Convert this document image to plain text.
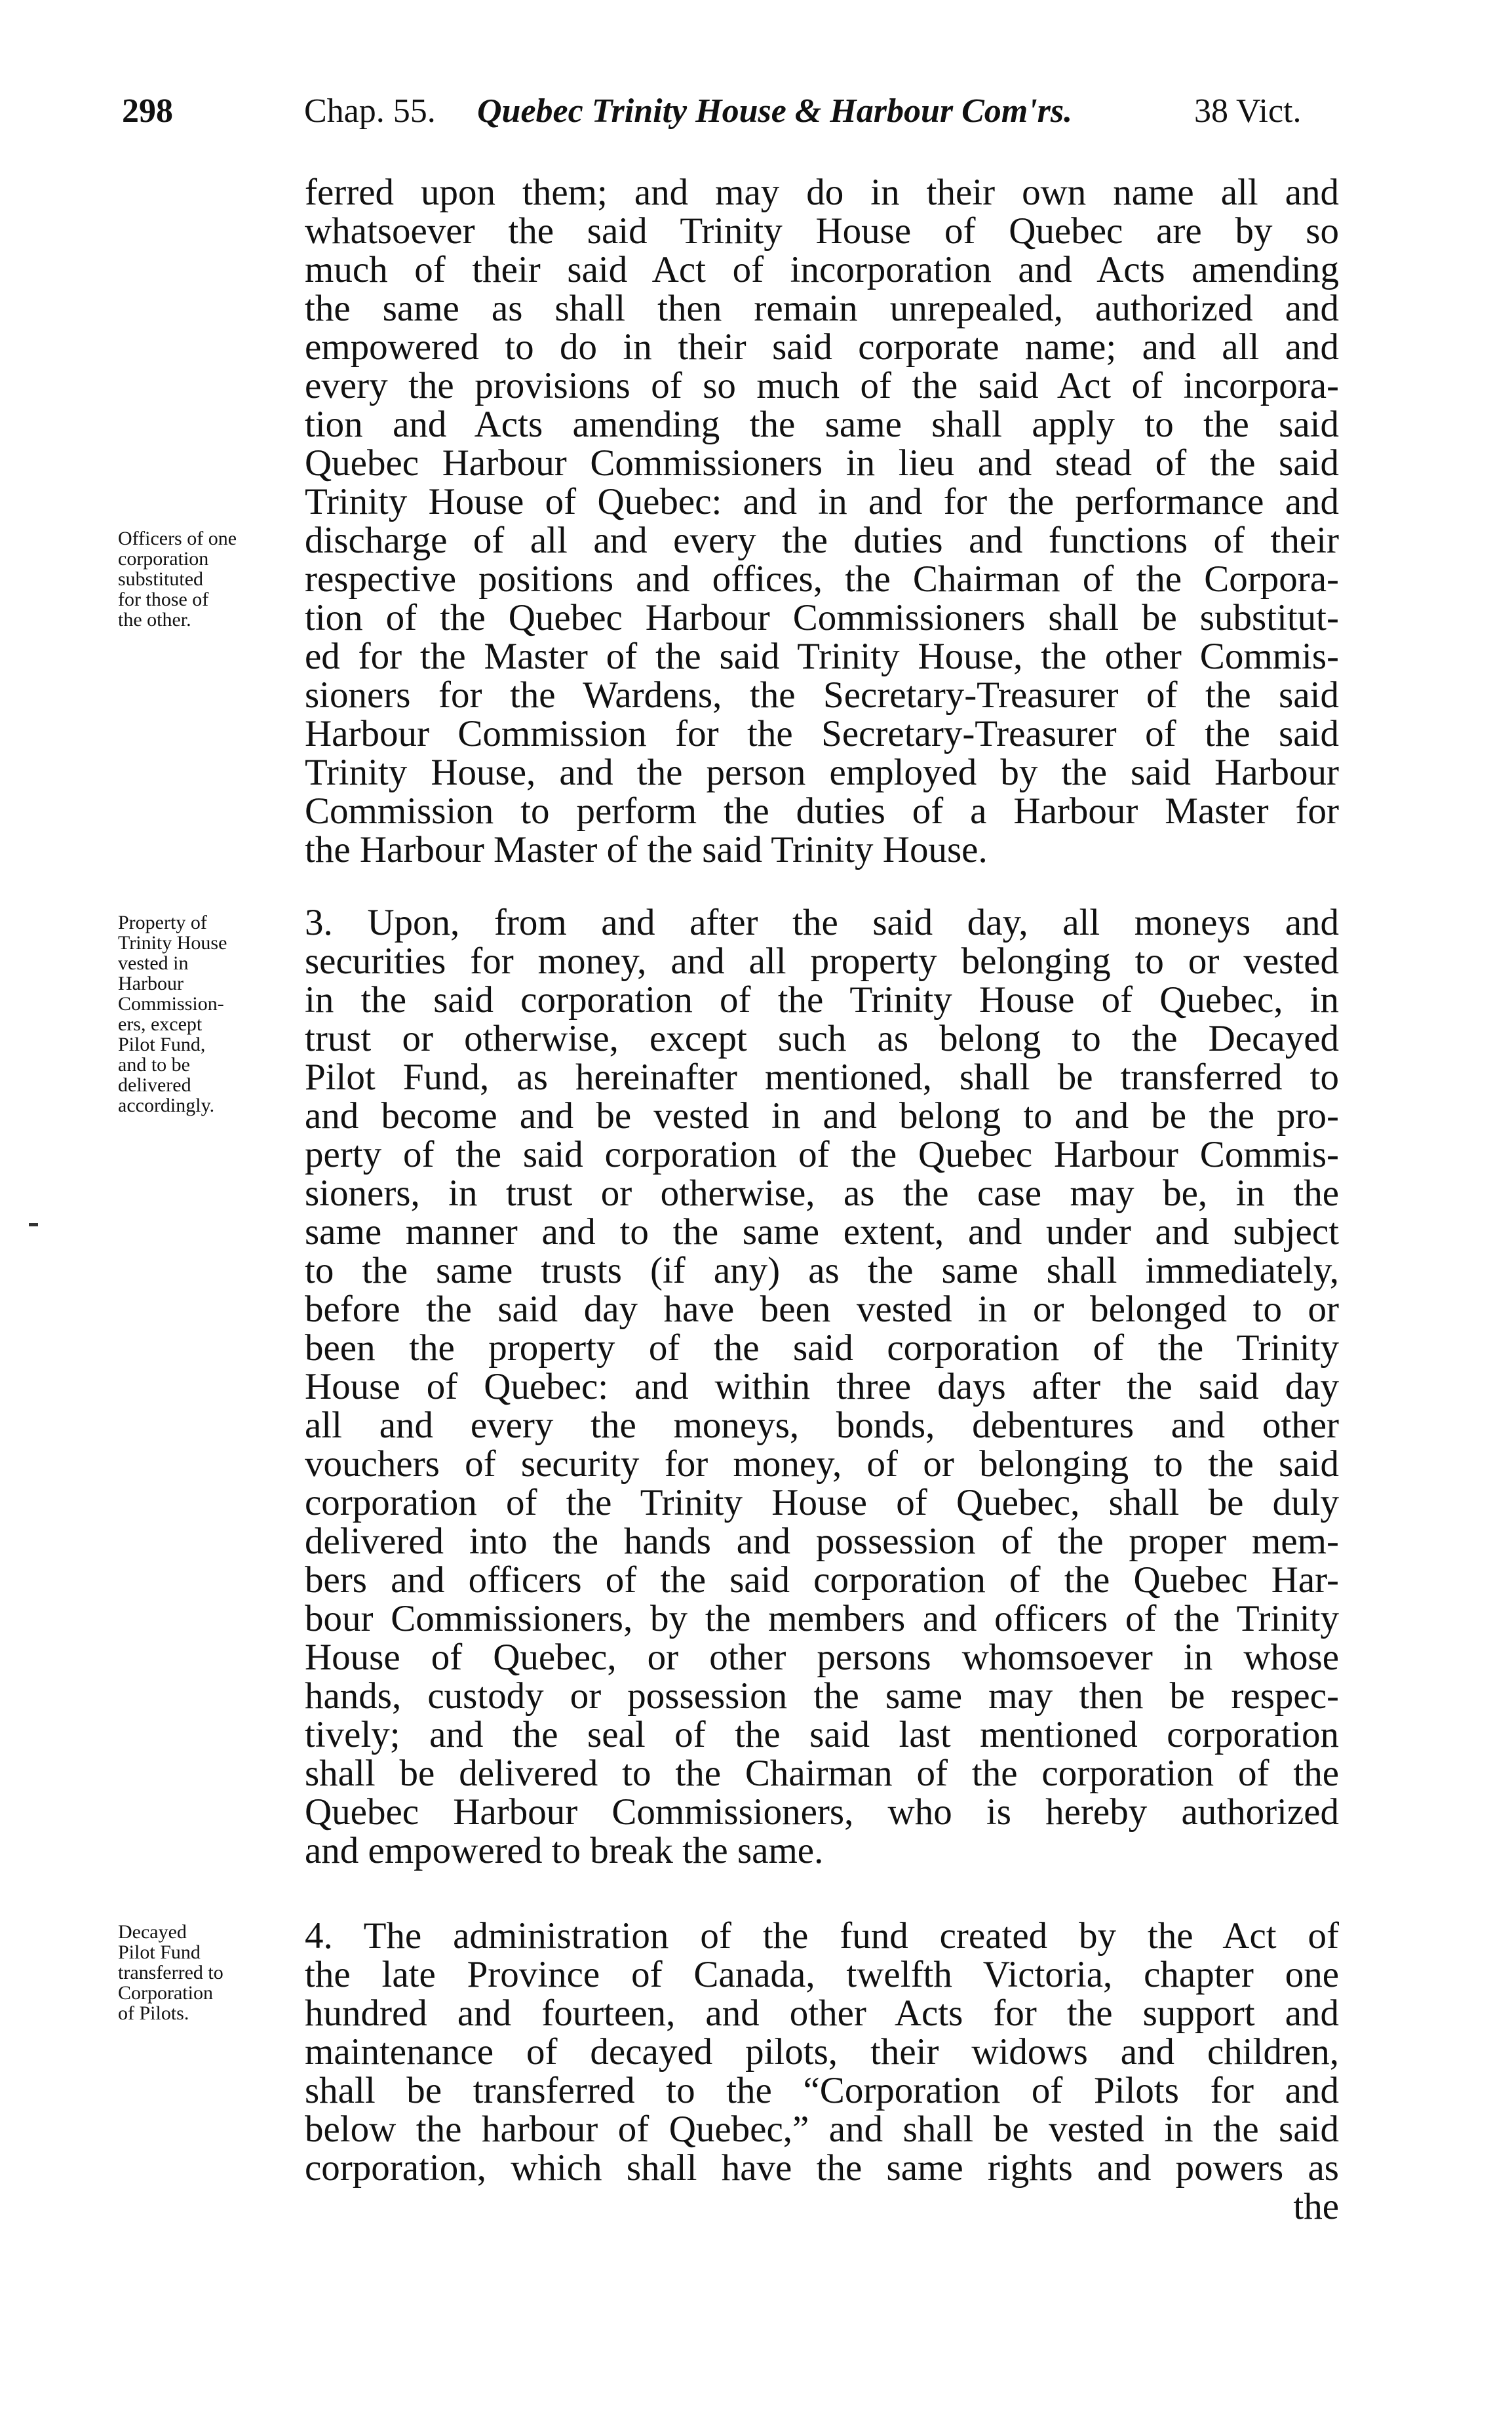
298	Chap. 55. Quebec Trinity House & Harbour Com'rs.	38 Vict.
Officers of one
corporation
substituted
for those of
the other.
Property of
Trinity House
vested in
Harbour
Commission-
ers, except
Pilot Fund,
and to be
delivered
accordingly.
Decayed
Pilot Fund
transferred to
Corporation
of Pilots.
ferred upon them; and may do in their own name all and
whatsoever the said Trinity House of Quebec are by so
much of their said Act of incorporation and Acts amending
the same as shall then remain unrepealed, authorized and
empowered to do in their said corporate name; and all and
every the provisions of so much of the said Act of incorpora-
tion and Acts amending the same shall apply to the said
Quebec Harbour Commissioners in lieu and stead of the said
Trinity House of Quebec: and in and for the performance and
discharge of all and every the duties and functions of their
respective positions and offices, the Chairman of the Corpora-
tion of the Quebec Harbour Commissioners shall be substitut-
ed for the Master of the said Trinity House, the other Commis-
sioners for the Wardens, the Secretary-Treasurer of the said
Harbour Commission for the Secretary-Treasurer of the said
Trinity House, and the person employed by the said Harbour
Commission to perform the duties of a Harbour Master for
the Harbour Master of the said Trinity House.
3. Upon, from and after the said day, all moneys and
securities for money, and all property belonging to or vested
in the said corporation of the Trinity House of Quebec, in
trust or otherwise, except such as belong to the Decayed
Pilot Fund, as hereinafter mentioned, shall be transferred to
and become and be vested in and belong to and be the pro-
perty of the said corporation of the Quebec Harbour Commis-
sioners, in trust or otherwise, as the case may be, in the
same manner and to the same extent, and under and subject
to the same trusts (if any) as the same shall immediately,
before the said day have been vested in or belonged to or
been the property of the said corporation of the Trinity
House of Quebec: and within three days after the said day
all and every the moneys, bonds, debentures and other
vouchers of security for money, of or belonging to the said
corporation of the Trinity House of Quebec, shall be duly
delivered into the hands and possession of the proper mem-
bers and officers of the said corporation of the Quebec Har-
bour Commissioners, by the members and officers of the Trinity
House of Quebec, or other persons whomsoever in whose
hands, custody or possession the same may then be respec-
tively; and the seal of the said last mentioned corporation
shall be delivered to the Chairman of the corporation of the
Quebec Harbour Commissioners, who is hereby authorized
and empowered to break the same.
4. The administration of the fund created by the Act of
the late Province of Canada, twelfth Victoria, chapter one
hundred and fourteen, and other Acts for the support and
maintenance of decayed pilots, their widows and children,
shall be transferred to the “Corporation of Pilots for and
below the harbour of Quebec,” and shall be vested in the said
corporation, which shall have the same rights and powers as
the
